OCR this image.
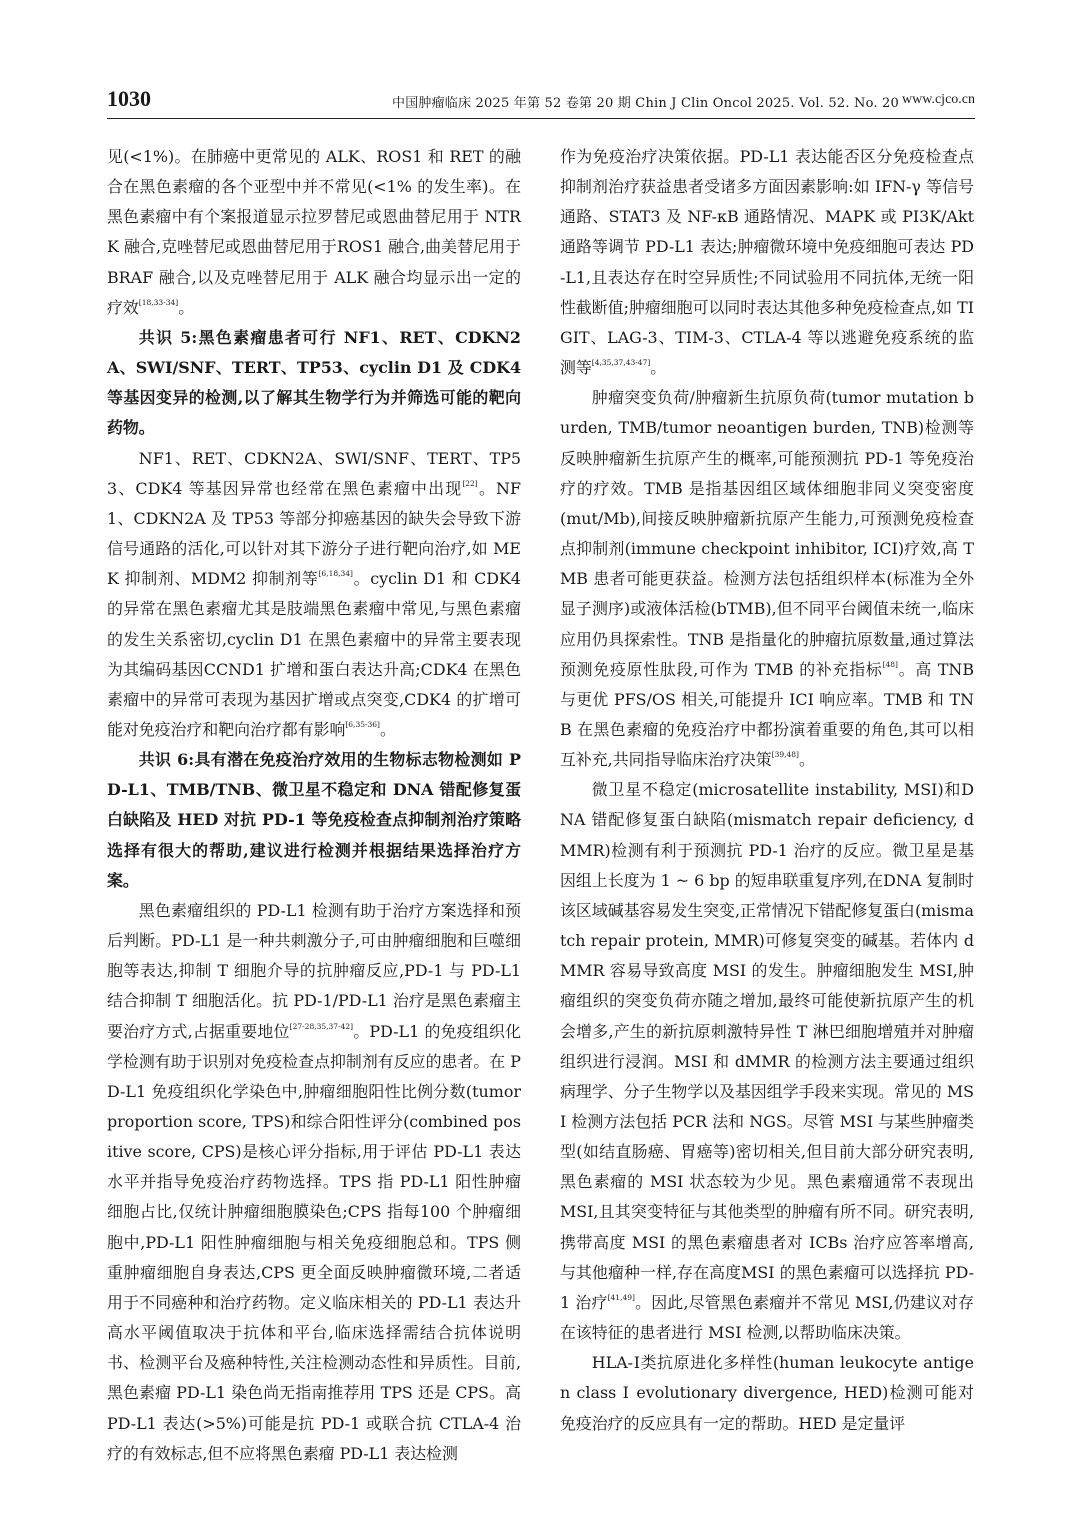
1030	中国肿瘤临床 2025 年第 52 卷第 20 期 Chin J Clin Oncol 2025. Vol. 52. No. 20 www.cjco.cn

见(<1%)。在肺癌中更常见的 ALK、ROS1 和 RET 的融合在黑色素瘤的各个亚型中并不常见(<1% 的发生率)。在黑色素瘤中有个案报道显示拉罗替尼或恩曲替尼用于 NTRK 融合,克唑替尼或恩曲替尼用于ROS1 融合,曲美替尼用于 BRAF 融合,以及克唑替尼用于 ALK 融合均显示出一定的疗效[18,33-34]。

共识 5:黑色素瘤患者可行 NF1、RET、CDKN2A、SWI/SNF、TERT、TP53、cyclin D1 及 CDK4 等基因变异的检测,以了解其生物学行为并筛选可能的靶向药物。

NF1、RET、CDKN2A、SWI/SNF、TERT、TP53、CDK4 等基因异常也经常在黑色素瘤中出现[22]。NF1、CDKN2A 及 TP53 等部分抑癌基因的缺失会导致下游信号通路的活化,可以针对其下游分子进行靶向治疗,如 MEK 抑制剂、MDM2 抑制剂等[6,18,34]。cyclin D1 和 CDK4 的异常在黑色素瘤尤其是肢端黑色素瘤中常见,与黑色素瘤的发生关系密切,cyclin D1 在黑色素瘤中的异常主要表现为其编码基因CCND1 扩增和蛋白表达升高;CDK4 在黑色素瘤中的异常可表现为基因扩增或点突变,CDK4 的扩增可能对免疫治疗和靶向治疗都有影响[6,35-36]。

共识 6:具有潜在免疫治疗效用的生物标志物检测如 PD-L1、TMB/TNB、微卫星不稳定和 DNA 错配修复蛋白缺陷及 HED 对抗 PD-1 等免疫检查点抑制剂治疗策略选择有很大的帮助,建议进行检测并根据结果选择治疗方案。

黑色素瘤组织的 PD-L1 检测有助于治疗方案选择和预后判断。PD-L1 是一种共刺激分子,可由肿瘤细胞和巨噬细胞等表达,抑制 T 细胞介导的抗肿瘤反应,PD-1 与 PD-L1 结合抑制 T 细胞活化。抗 PD-1/PD-L1 治疗是黑色素瘤主要治疗方式,占据重要地位[27-28,35,37-42]。PD-L1 的免疫组织化学检测有助于识别对免疫检查点抑制剂有反应的患者。在 PD-L1 免疫组织化学染色中,肿瘤细胞阳性比例分数(tumor proportion score, TPS)和综合阳性评分(combined positive score, CPS)是核心评分指标,用于评估 PD-L1 表达水平并指导免疫治疗药物选择。TPS 指 PD-L1 阳性肿瘤细胞占比,仅统计肿瘤细胞膜染色;CPS 指每100 个肿瘤细胞中,PD-L1 阳性肿瘤细胞与相关免疫细胞总和。TPS 侧重肿瘤细胞自身表达,CPS 更全面反映肿瘤微环境,二者适用于不同癌种和治疗药物。定义临床相关的 PD-L1 表达升高水平阈值取决于抗体和平台,临床选择需结合抗体说明书、检测平台及癌种特性,关注检测动态性和异质性。目前,黑色素瘤 PD-L1 染色尚无指南推荐用 TPS 还是 CPS。高PD-L1 表达(>5%)可能是抗 PD-1 或联合抗 CTLA-4 治疗的有效标志,但不应将黑色素瘤 PD-L1 表达检测

作为免疫治疗决策依据。PD-L1 表达能否区分免疫检查点抑制剂治疗获益患者受诸多方面因素影响:如 IFN-γ 等信号通路、STAT3 及 NF-κB 通路情况、MAPK 或 PI3K/Akt 通路等调节 PD-L1 表达;肿瘤微环境中免疫细胞可表达 PD-L1,且表达存在时空异质性;不同试验用不同抗体,无统一阳性截断值;肿瘤细胞可以同时表达其他多种免疫检查点,如 TIGIT、LAG-3、TIM-3、CTLA-4 等以逃避免疫系统的监测等[4,35,37,43-47]。

肿瘤突变负荷/肿瘤新生抗原负荷(tumor mutation burden, TMB/tumor neoantigen burden, TNB)检测等反映肿瘤新生抗原产生的概率,可能预测抗 PD-1 等免疫治疗的疗效。TMB 是指基因组区域体细胞非同义突变密度(mut/Mb),间接反映肿瘤新抗原产生能力,可预测免疫检查点抑制剂(immune checkpoint inhibitor, ICI)疗效,高 TMB 患者可能更获益。检测方法包括组织样本(标准为全外显子测序)或液体活检(bTMB),但不同平台阈值未统一,临床应用仍具探索性。TNB 是指量化的肿瘤抗原数量,通过算法预测免疫原性肽段,可作为 TMB 的补充指标[48]。高 TNB 与更优 PFS/OS 相关,可能提升 ICI 响应率。TMB 和 TNB 在黑色素瘤的免疫治疗中都扮演着重要的角色,其可以相互补充,共同指导临床治疗决策[39,48]。

微卫星不稳定(microsatellite instability, MSI)和DNA 错配修复蛋白缺陷(mismatch repair deficiency, dMMR)检测有利于预测抗 PD-1 治疗的反应。微卫星是基因组上长度为 1 ~ 6 bp 的短串联重复序列,在DNA 复制时该区域碱基容易发生突变,正常情况下错配修复蛋白(mismatch repair protein, MMR)可修复突变的碱基。若体内 dMMR 容易导致高度 MSI 的发生。肿瘤细胞发生 MSI,肿瘤组织的突变负荷亦随之增加,最终可能使新抗原产生的机会增多,产生的新抗原刺激特异性 T 淋巴细胞增殖并对肿瘤组织进行浸润。MSI 和 dMMR 的检测方法主要通过组织病理学、分子生物学以及基因组学手段来实现。常见的 MSI 检测方法包括 PCR 法和 NGS。尽管 MSI 与某些肿瘤类型(如结直肠癌、胃癌等)密切相关,但目前大部分研究表明,黑色素瘤的 MSI 状态较为少见。黑色素瘤通常不表现出 MSI,且其突变特征与其他类型的肿瘤有所不同。研究表明,携带高度 MSI 的黑色素瘤患者对 ICBs 治疗应答率增高,与其他瘤种一样,存在高度MSI 的黑色素瘤可以选择抗 PD-1 治疗[41,49]。因此,尽管黑色素瘤并不常见 MSI,仍建议对存在该特征的患者进行 MSI 检测,以帮助临床决策。

HLA-Ⅰ类抗原进化多样性(human leukocyte antigen class Ⅰ evolutionary divergence, HED)检测可能对免疫治疗的反应具有一定的帮助。HED 是定量评
